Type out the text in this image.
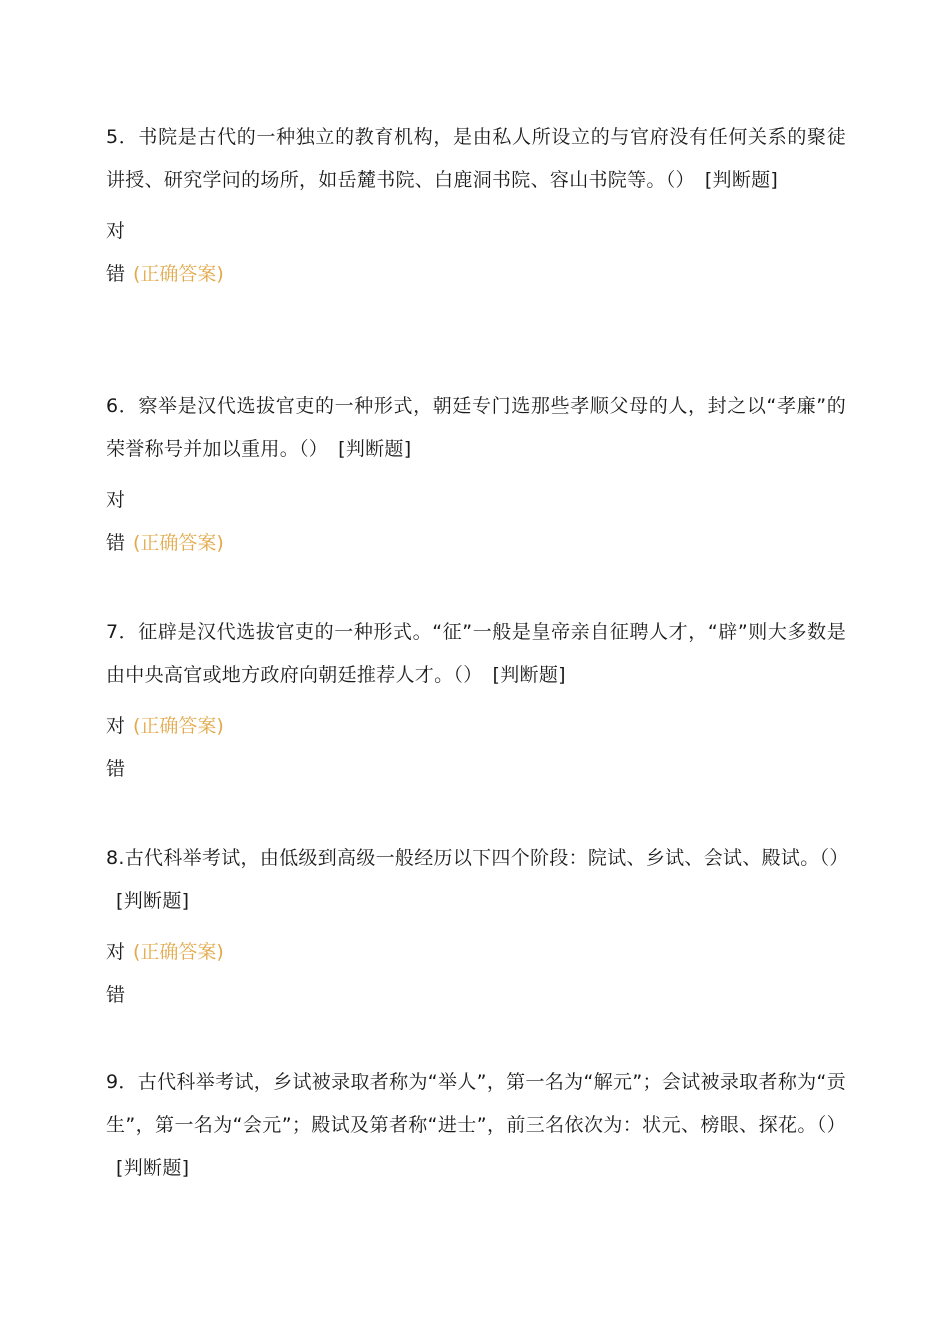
5．书院是古代的一种独立的教育机构，是由私人所设立的与官府没有任何关系的聚徒讲授、研究学问的场所，如岳麓书院、白鹿洞书院、容山书院等。（） [判断题]

对

错 (正确答案)

6．察举是汉代选拔官吏的一种形式，朝廷专门选那些孝顺父母的人，封之以“孝廉”的荣誉称号并加以重用。（） [判断题]

对

错 (正确答案)

7．征辟是汉代选拔官吏的一种形式。“征”一般是皇帝亲自征聘人才，“辟”则大多数是由中央高官或地方政府向朝廷推荐人才。（） [判断题]

对 (正确答案)

错

8.古代科举考试，由低级到高级一般经历以下四个阶段：院试、乡试、会试、殿试。（）[判断题]

对 (正确答案)

错

9．古代科举考试，乡试被录取者称为“举人”，第一名为“解元”；会试被录取者称为“贡生”，第一名为“会元”；殿试及第者称“进士”，前三名依次为：状元、榜眼、探花。（）[判断题]
